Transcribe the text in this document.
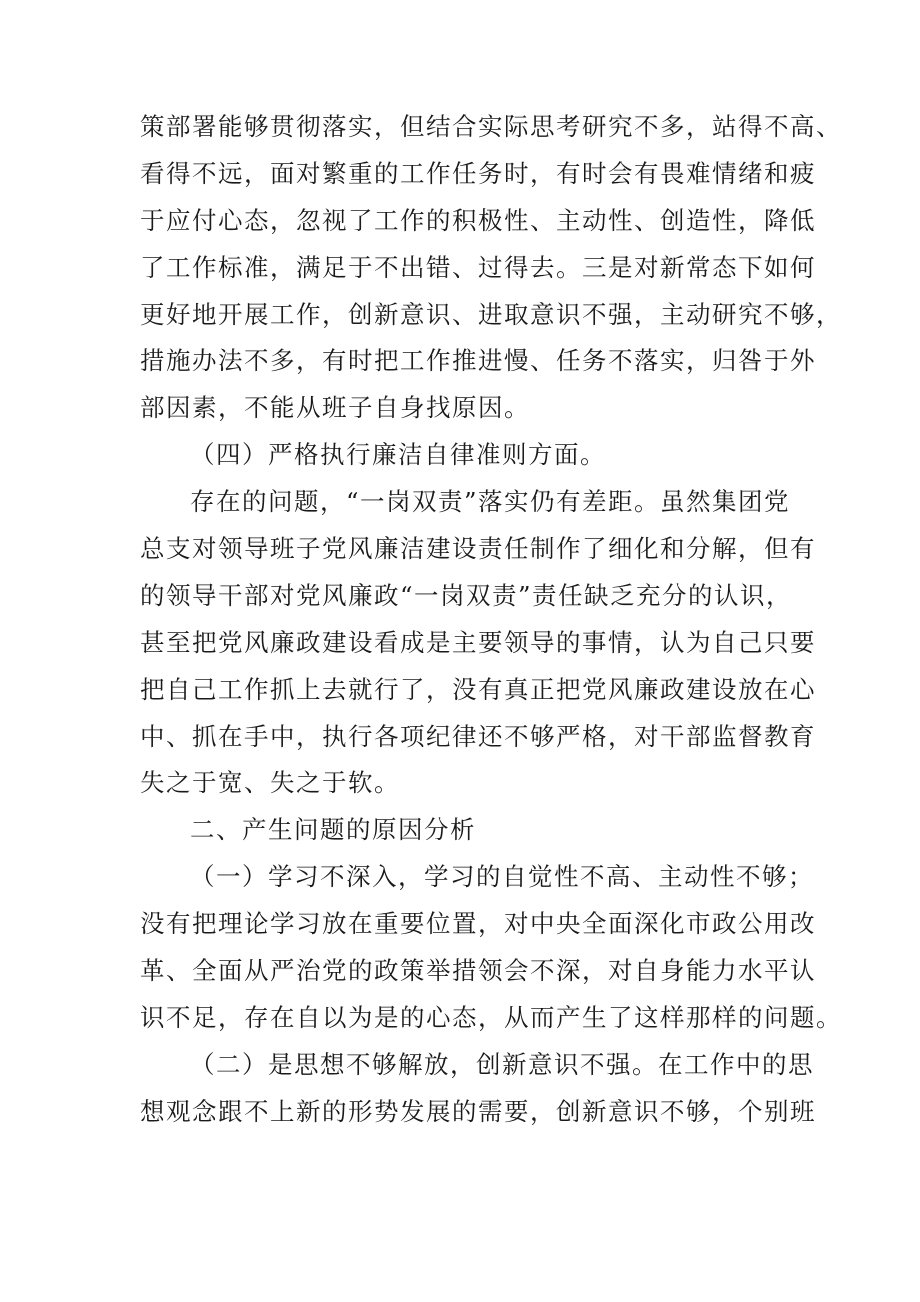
策部署能够贯彻落实，但结合实际思考研究不多，站得不高、
看得不远，面对繁重的工作任务时，有时会有畏难情绪和疲
于应付心态，忽视了工作的积极性、主动性、创造性，降低
了工作标准，满足于不出错、过得去。三是对新常态下如何
更好地开展工作，创新意识、进取意识不强，主动研究不够，
措施办法不多，有时把工作推进慢、任务不落实，归咎于外
部因素，不能从班子自身找原因。
（四）严格执行廉洁自律准则方面。
存在的问题，“一岗双责”落实仍有差距。虽然集团党
总支对领导班子党风廉洁建设责任制作了细化和分解，但有
的领导干部对党风廉政“一岗双责”责任缺乏充分的认识，
甚至把党风廉政建设看成是主要领导的事情，认为自己只要
把自己工作抓上去就行了，没有真正把党风廉政建设放在心
中、抓在手中，执行各项纪律还不够严格，对干部监督教育
失之于宽、失之于软。
二、产生问题的原因分析
（一）学习不深入，学习的自觉性不高、主动性不够；
没有把理论学习放在重要位置，对中央全面深化市政公用改
革、全面从严治党的政策举措领会不深，对自身能力水平认
识不足，存在自以为是的心态，从而产生了这样那样的问题。
（二）是思想不够解放，创新意识不强。在工作中的思
想观念跟不上新的形势发展的需要，创新意识不够，个别班
